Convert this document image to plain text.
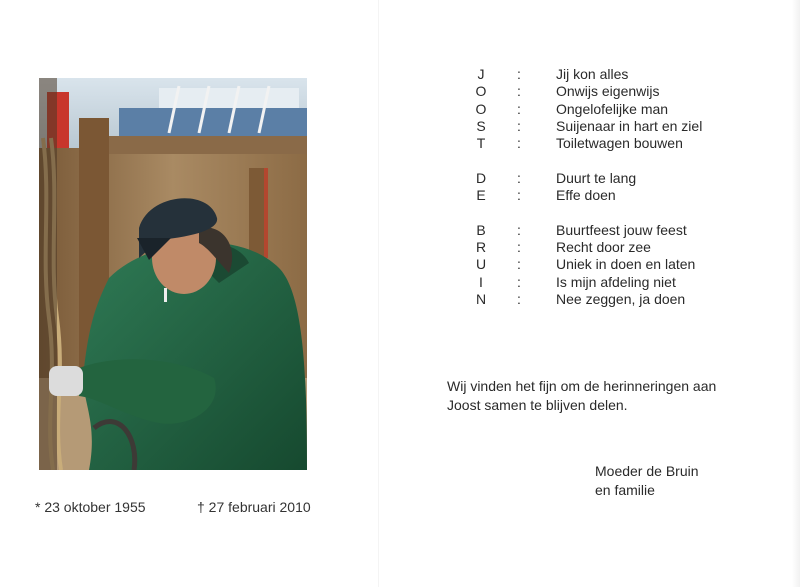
* 23 oktober 1955	† 27 februari 2010
J	:	Jij kon alles
O	:	Onwijs eigenwijs
O	:	Ongelofelijke man
S	:	Suijenaar in hart en ziel
T	:	Toiletwagen bouwen
D	:	Duurt te lang
E	:	Effe doen
B	:	Buurtfeest jouw feest
R	:	Recht door zee
U	:	Uniek in doen en laten
I	:	Is mijn afdeling niet
N	:	Nee zeggen, ja doen
Wij vinden het fijn om de herinneringen aan
Joost samen te blijven delen.
Moeder de Bruin
en familie
